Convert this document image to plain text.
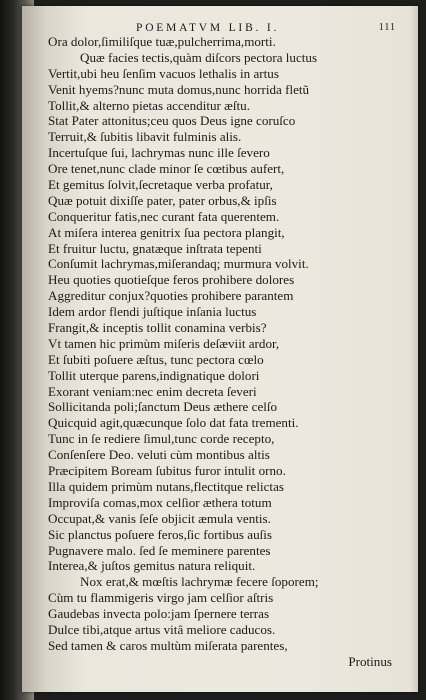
POEMATVM LIB. I.	111
Ora dolor,ſimiliſque tuæ,pulcherrima,morti.
Quæ facies tectis,quàm diſcors pectora luctus
Vertit,ubi heu ſenſim vacuos lethalis in artus
Venit hyems?nunc muta domus,nunc horrida fletũ
Tollit,& alterno pietas accenditur æſtu.
Stat Pater attonitus;ceu quos Deus igne coruſco
Terruit,& ſubitis libavit fulminis alis.
Incertuſque ſui, lachrymas nunc ille ſevero
Ore tenet,nunc clade minor ſe cœtibus aufert,
Et gemitus ſolvit,ſecretaque verba profatur,
Quæ potuit dixiſſe pater, pater orbus,& ipſis
Conqueritur fatis,nec curant fata querentem.
At miſera interea genitrix ſua pectora plangit,
Et fruitur luctu, gnatæque inſtrata tepenti
Conſumit lachrymas,miſerandaq; murmura volvit.
Heu quoties quotieſque feros prohibere dolores
Aggreditur conjux?quoties prohibere parantem
Idem ardor flendi juſtique inſania luctus
Frangit,& inceptis tollit conamina verbis?
Vt tamen hic primùm miſeris deſæviit ardor,
Et ſubiti poſuere æſtus, tunc pectora cœlo
Tollit uterque parens,indignatique dolori
Exorant veniam:nec enim decreta ſeveri
Sollicitanda poli;ſanctum Deus æthere celſo
Quicquid agit,quæcunque ſolo dat fata trementi.
Tunc in ſe rediere ſimul,tunc corde recepto,
Conſenſere Deo. veluti cùm montibus altis
Præcipitem Boream ſubitus furor intulit orno.
Illa quidem primùm nutans,flectitque relictas
Improviſa comas,mox celſior æthera totum
Occupat,& vanis ſeſe objicit æmula ventis.
Sic planctus poſuere feros,ſic fortibus auſis
Pugnavere malo. ſed ſe meminere parentes
Interea,& juſtos gemitus natura reliquit.
Nox erat,& mœſtis lachrymæ fecere ſoporem;
Cùm tu flammigeris virgo jam celſior aſtris
Gaudebas invecta polo:jam ſpernere terras
Dulce tibi,atque artus vitâ meliore caducos.
Sed tamen & caros multùm miſerata parentes,
Protinus
